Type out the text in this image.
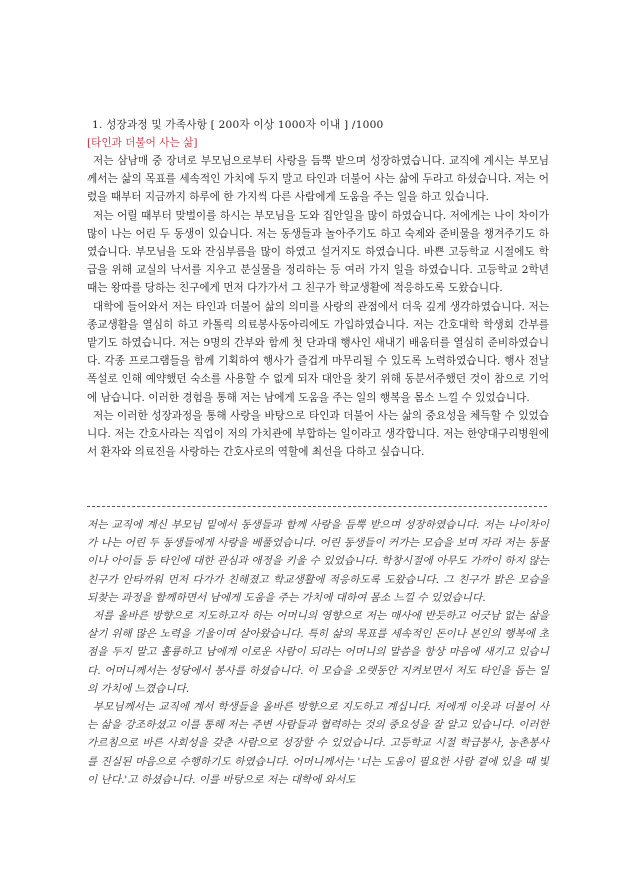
1. 성장과정 및 가족사항 [ 200자 이상 1000자 이내 ] /1000
[타인과 더불어 사는 삶]

저는 삼남매 중 장녀로 부모님으로부터 사랑을 듬뿍 받으며 성장하였습니다. 교직에 계시는 부모님께서는 삶의 목표를 세속적인 가치에 두지 말고 타인과 더불어 사는 삶에 두라고 하셨습니다. 저는 어렸을 때부터 지금까지 하루에 한 가지씩 다른 사람에게 도움을 주는 일을 하고 있습니다.

저는 어릴 때부터 맞벌이를 하시는 부모님을 도와 집안일을 많이 하였습니다. 저에게는 나이 차이가 많이 나는 어린 두 동생이 있습니다. 저는 동생들과 놀아주기도 하고 숙제와 준비물을 챙겨주기도 하였습니다. 부모님을 도와 잔심부름을 많이 하였고 설거지도 하였습니다. 바쁜 고등학교 시절에도 학급을 위해 교실의 낙서를 지우고 분실물을 정리하는 등 여러 가지 일을 하였습니다. 고등학교 2학년 때는 왕따를 당하는 친구에게 먼저 다가가서 그 친구가 학교생활에 적응하도록 도왔습니다.

대학에 들어와서 저는 타인과 더불어 삶의 의미를 사랑의 관점에서 더욱 깊게 생각하였습니다. 저는 종교생활을 열심히 하고 카톨릭 의료봉사동아리에도 가입하였습니다. 저는 간호대학 학생회 간부를 맡기도 하였습니다. 저는 9명의 간부와 함께 첫 단과대 행사인 새내기 배움터를 열심히 준비하였습니다. 각종 프로그램들을 함께 기획하여 행사가 즐겁게 마무리될 수 있도록 노력하였습니다. 행사 전날 폭설로 인해 예약했던 숙소를 사용할 수 없게 되자 대안을 찾기 위해 동분서주했던 것이 참으로 기억에 남습니다. 이러한 경험을 통해 저는 남에게 도움을 주는 일의 행복을 몸소 느낄 수 있었습니다.

저는 이러한 성장과정을 통해 사랑을 바탕으로 타인과 더불어 사는 삶의 중요성을 체득할 수 있었습니다. 저는 간호사라는 직업이 저의 가치관에 부합하는 일이라고 생각합니다. 저는 한양대구리병원에서 환자와 의료진을 사랑하는 간호사로의 역할에 최선을 다하고 싶습니다.

저는 교직에 계신 부모님 밑에서 동생들과 함께 사랑을 듬뿍 받으며 성장하였습니다. 저는 나이차이가 나는 어린 두 동생들에게 사랑을 베풀었습니다. 어린 동생들이 커가는 모습을 보며 자라 저는 동물이나 아이들 등 타인에 대한 관심과 애정을 키울 수 있었습니다. 학창시절에 아무도 가까이 하지 않는 친구가 안타까워 먼저 다가가 친해졌고 학교생활에 적응하도록 도왔습니다. 그 친구가 밝은 모습을 되찾는 과정을 함께하면서 남에게 도움을 주는 가치에 대하여 몸소 느낄 수 있었습니다.

저를 올바른 방향으로 지도하고자 하는 어머니의 영향으로 저는 매사에 반듯하고 어긋남 없는 삶을 살기 위해 많은 노력을 기울이며 살아왔습니다. 특히 삶의 목표를 세속적인 돈이나 본인의 행복에 초점을 두지 말고 훌륭하고 남에게 이로운 사람이 되라는 어머니의 말씀을 항상 마음에 새기고 있습니다. 어머니께서는 성당에서 봉사를 하셨습니다. 이 모습을 오랫동안 지켜보면서 저도 타인을 돕는 일의 가치에 느꼈습니다.

부모님께서는 교직에 계서 학생들을 올바른 방향으로 지도하고 계십니다. 저에게 이웃과 더불어 사는 삶을 강조하셨고 이를 통해 저는 주변 사람들과 협력하는 것의 중요성을 잘 알고 있습니다. 이러한 가르침으로 바른 사회성을 갖춘 사람으로 성장할 수 있었습니다. 고등학교 시절 학급봉사, 농촌봉사를 진실된 마음으로 수행하기도 하였습니다. 어머니께서는 '너는 도움이 필요한 사람 곁에 있을 때 빛이 난다.'고 하셨습니다. 이를 바탕으로 저는 대학에 와서도
